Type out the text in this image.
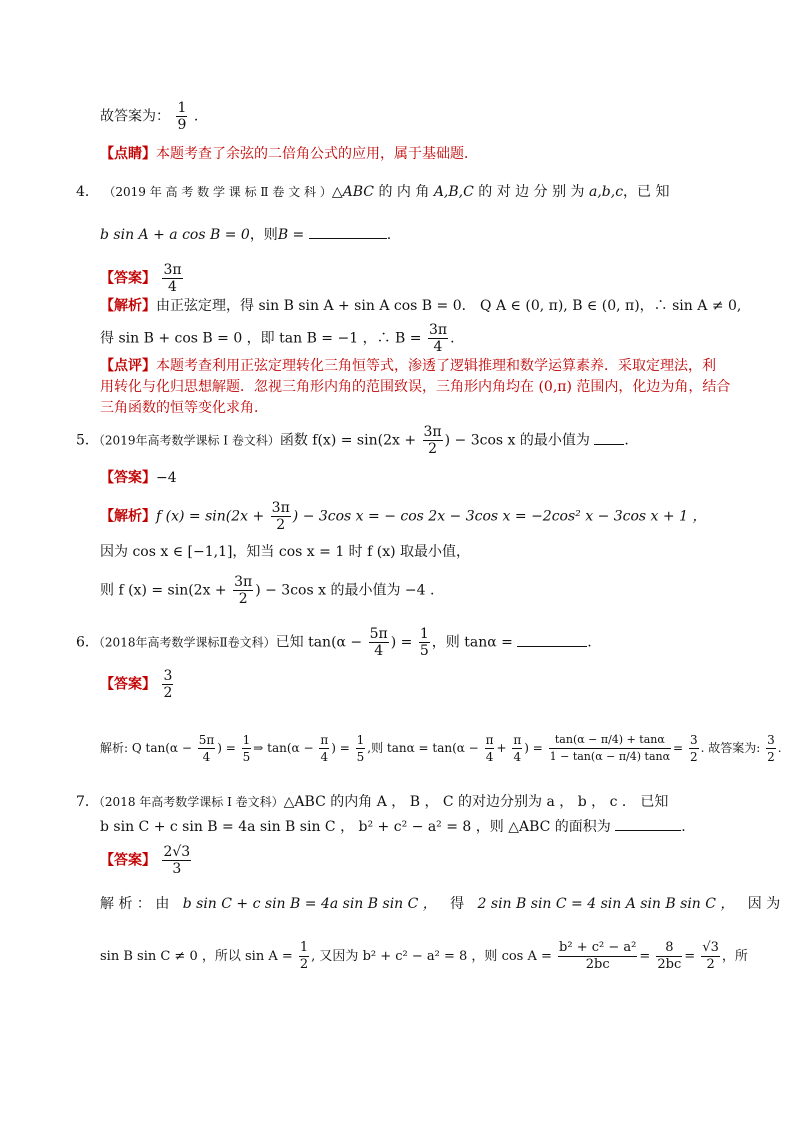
故答案为： $\frac{1}{9}$ .
【点睛】本题考查了余弦的二倍角公式的应用，属于基础题．
4． （2019 年 高 考 数 学 课 标 Ⅱ 卷 文 科 ）△ABC 的 内 角 A,B,C 的 对 边 分 别 为 a,b,c，已 知
b sin A + a cos B = 0，则B =	.
【答案】 $\frac{3\pi}{4}$
【解析】由正弦定理，得 sin B sin A + sin A cos B = 0． Q A ∈ (0, π), B ∈ (0, π)，∴ sin A ≠ 0,
得 sin B + cos B = 0 ，即 tan B = −1 ，∴ $B = \frac{3\pi}{4}$ .
【点评】本题考查利用正弦定理转化三角恒等式，渗透了逻辑推理和数学运算素养．采取定理法，利
用转化与化归思想解题．忽视三角形内角的范围致误，三角形内角均在 (0,π) 范围内，化边为角，结合
三角函数的恒等变化求角．
5．（2019年高考数学课标 Ⅰ 卷文科）函数 $f(x) = \sin(2x + \frac{3\pi}{2}$ ) − 3cos x 的最小值为 .
【答案】−4
【解析】f $(x) = \sin(2x + \frac{3\pi}{2}$ ) − 3cos x = − cos 2x − 3cos x = −2cos² x − 3cos x + 1 ，
因为 cos x ∈ [−1,1]，知当 cos x = 1 时 f (x) 取最小值，
则 f $(x) = \sin(2x + \frac{3\pi}{2}$ ) − 3cos x 的最小值为 −4 .
6．（2018年高考数学课标Ⅱ卷文科）已知 $\tan(\alpha - \frac{5\pi}{4}$ ) = $\frac{1}{5}$ ，则 tanα =	.
【答案】 $\frac{3}{2}$
解析: Q $\tan(\alpha - \frac{5\pi}{4}$ ) = $\frac{1}{5}$ ⇒ $\tan(\alpha - \frac{\pi}{4}$ ) = $\frac{1}{5}$ ,则 $\tan\alpha = \tan(\alpha - \frac{\pi}{4} + \frac{\pi}{4}$ ) = $\frac{\tan(\alpha - \pi/4) + \tan\alpha}{1 - \tan(\alpha - \pi/4) \tan\alpha} = \frac{3}{2}$ . 故答案为: $\frac{3}{2}$ .
7．（2018 年高考数学课标 Ⅰ 卷文科）△ABC 的内角 A ， B ， C 的对边分别为 a ， b ， c ． 已知
b sin C + c sin B = 4a sin B sin C ， b² + c² − a² = 8 ，则 △ABC 的面积为	.
【答案】 $\frac{2√3}{3}$
解 析 ： 由 b sin C + c sin B = 4a sin B sin C ， 得 2 sin B sin C = 4 sin A sin B sin C ， 因 为
sin B sin C ≠ 0 ，所以 $\sin A = \frac{1}{2}$ , 又因为 b² + c² − a² = 8 ，则 $\cos A = \frac{\text{b² + c² − a²}}{2bc} = \frac{8}{2bc} = \frac{√3}{2}$ ，所
